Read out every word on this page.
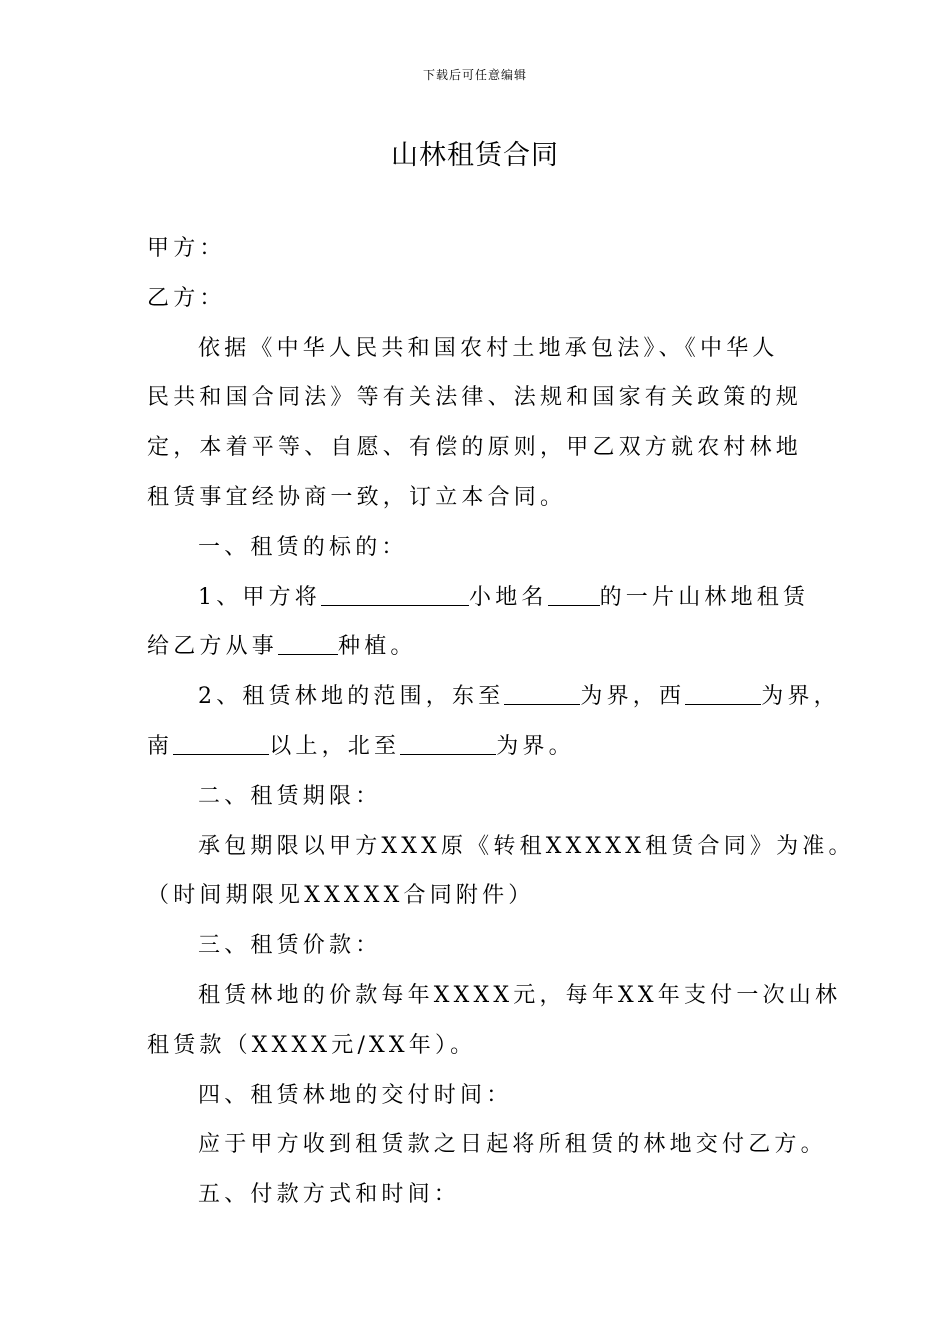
下载后可任意编辑
山林租赁合同
甲方：
乙方：
依据《中华人民共和国农村土地承包法》、《中华人
民共和国合同法》等有关法律、法规和国家有关政策的规
定，本着平等、自愿、有偿的原则，甲乙双方就农村林地
租赁事宜经协商一致，订立本合同。
一、租赁的标的：
1、甲方将	小地名 的一片山林地租赁
给乙方从事	种植。
2、租赁林地的范围，东至	为界，西	为界，
南	以上，北至	为界。
二、租赁期限：
承包期限以甲方XXX原《转租XXXXX租赁合同》为准。
（时间期限见XXXXX合同附件）
三、租赁价款：
租赁林地的价款每年XXXX元，每年XX年支付一次山林
租赁款（XXXX元/XX年）。
四、租赁林地的交付时间：
应于甲方收到租赁款之日起将所租赁的林地交付乙方。
五、付款方式和时间：
